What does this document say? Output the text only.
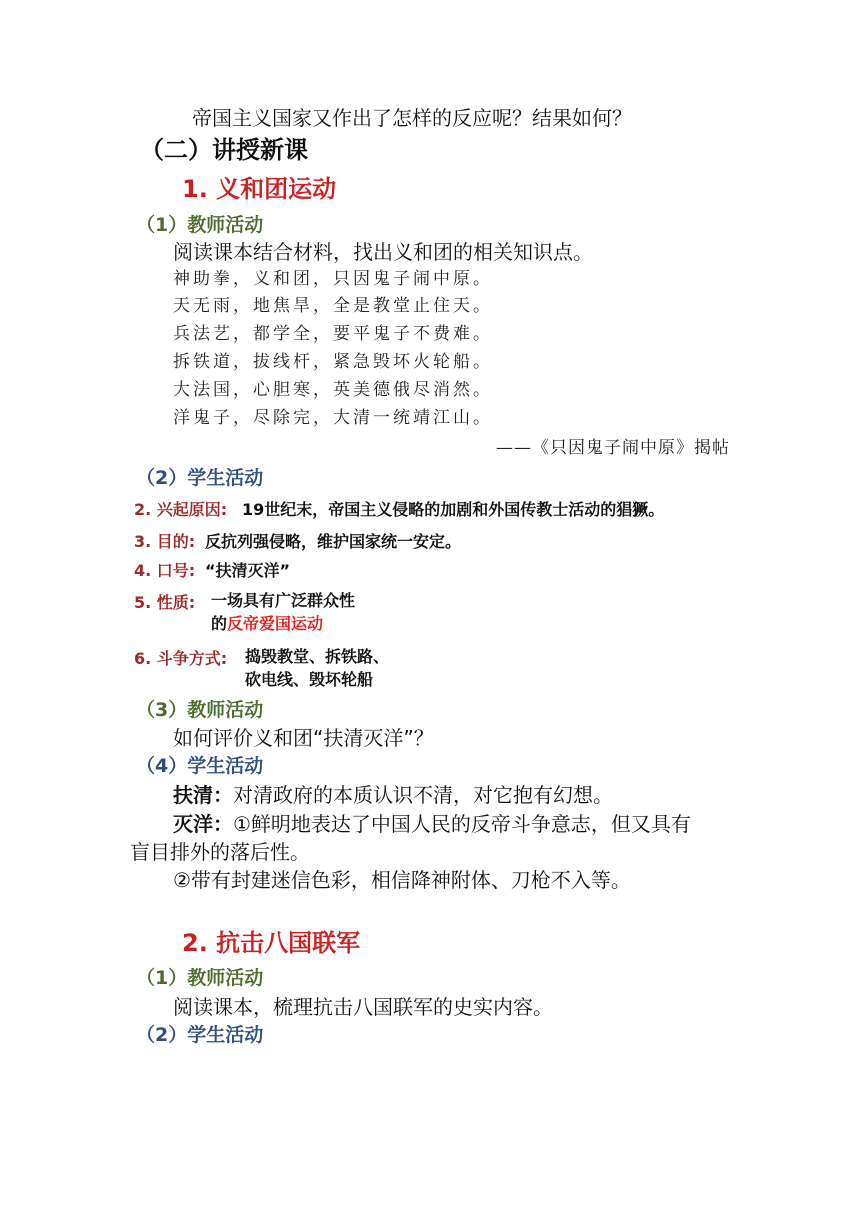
帝国主义国家又作出了怎样的反应呢？结果如何？
（二）讲授新课
1. 义和团运动
（1）教师活动
阅读课本结合材料，找出义和团的相关知识点。
神助拳，义和团，只因鬼子闹中原。
天无雨，地焦旱，全是教堂止住天。
兵法艺，都学全，要平鬼子不费难。
拆铁道，拔线杆，紧急毁坏火轮船。
大法国，心胆寒，英美德俄尽消然。
洋鬼子，尽除完，大清一统靖江山。
——《只因鬼子闹中原》揭帖
（2）学生活动
2. 兴起原因: 19世纪末，帝国主义侵略的加剧和外国传教士活动的猖獗。
3. 目的: 反抗列强侵略，维护国家统一安定。
4. 口号: “扶清灭洋”
5. 性质: 一场具有广泛群众性
的反帝爱国运动
6. 斗争方式: 捣毁教堂、拆铁路、
砍电线、毁坏轮船
（3）教师活动
如何评价义和团“扶清灭洋”？
（4）学生活动
扶清：对清政府的本质认识不清，对它抱有幻想。
灭洋：①鲜明地表达了中国人民的反帝斗争意志，但又具有
盲目排外的落后性。
②带有封建迷信色彩，相信降神附体、刀枪不入等。
2. 抗击八国联军
（1）教师活动
阅读课本，梳理抗击八国联军的史实内容。
（2）学生活动
